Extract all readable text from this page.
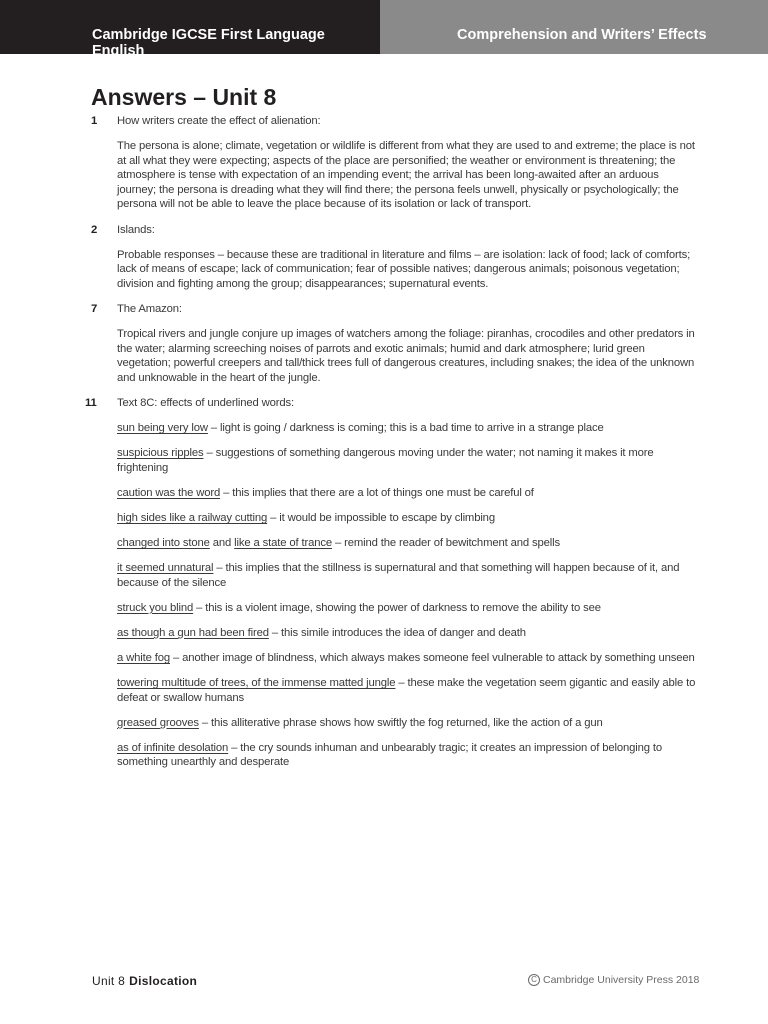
Cambridge IGCSE First Language English
Comprehension and Writers’ Effects
Answers – Unit 8
1	How writers create the effect of alienation:

The persona is alone; climate, vegetation or wildlife is different from what they are used to and extreme; the place is not at all what they were expecting; aspects of the place are personified; the weather or environment is threatening; the atmosphere is tense with expectation of an impending event; the arrival has been long-awaited after an arduous journey; the persona is dreading what they will find there; the persona feels unwell, physically or psychologically; the persona will not be able to leave the place because of its isolation or lack of transport.

2	Islands:

Probable responses – because these are traditional in literature and films – are isolation: lack of food; lack of comforts; lack of means of escape; lack of communication; fear of possible natives; dangerous animals; poisonous vegetation; division and fighting among the group; disappearances; supernatural events.

7	The Amazon:

Tropical rivers and jungle conjure up images of watchers among the foliage: piranhas, crocodiles and other predators in the water; alarming screeching noises of parrots and exotic animals; humid and dark atmosphere; lurid green vegetation; powerful creepers and tall/thick trees full of dangerous creatures, including snakes; the idea of the unknown and unknowable in the heart of the jungle.

11	Text 8C: effects of underlined words:

sun being very low – light is going / darkness is coming; this is a bad time to arrive in a strange place

suspicious ripples – suggestions of something dangerous moving under the water; not naming it makes it more frightening

caution was the word – this implies that there are a lot of things one must be careful of

high sides like a railway cutting – it would be impossible to escape by climbing

changed into stone and like a state of trance – remind the reader of bewitchment and spells

it seemed unnatural – this implies that the stillness is supernatural and that something will happen because of it, and because of the silence

struck you blind – this is a violent image, showing the power of darkness to remove the ability to see

as though a gun had been fired – this simile introduces the idea of danger and death

a white fog – another image of blindness, which always makes someone feel vulnerable to attack by something unseen

towering multitude of trees, of the immense matted jungle – these make the vegetation seem gigantic and easily able to defeat or swallow humans

greased grooves – this alliterative phrase shows how swiftly the fog returned, like the action of a gun

as of infinite desolation – the cry sounds inhuman and unbearably tragic; it creates an impression of belonging to something unearthly and desperate

Unit 8 Dislocation	C Cambridge University Press 2018
